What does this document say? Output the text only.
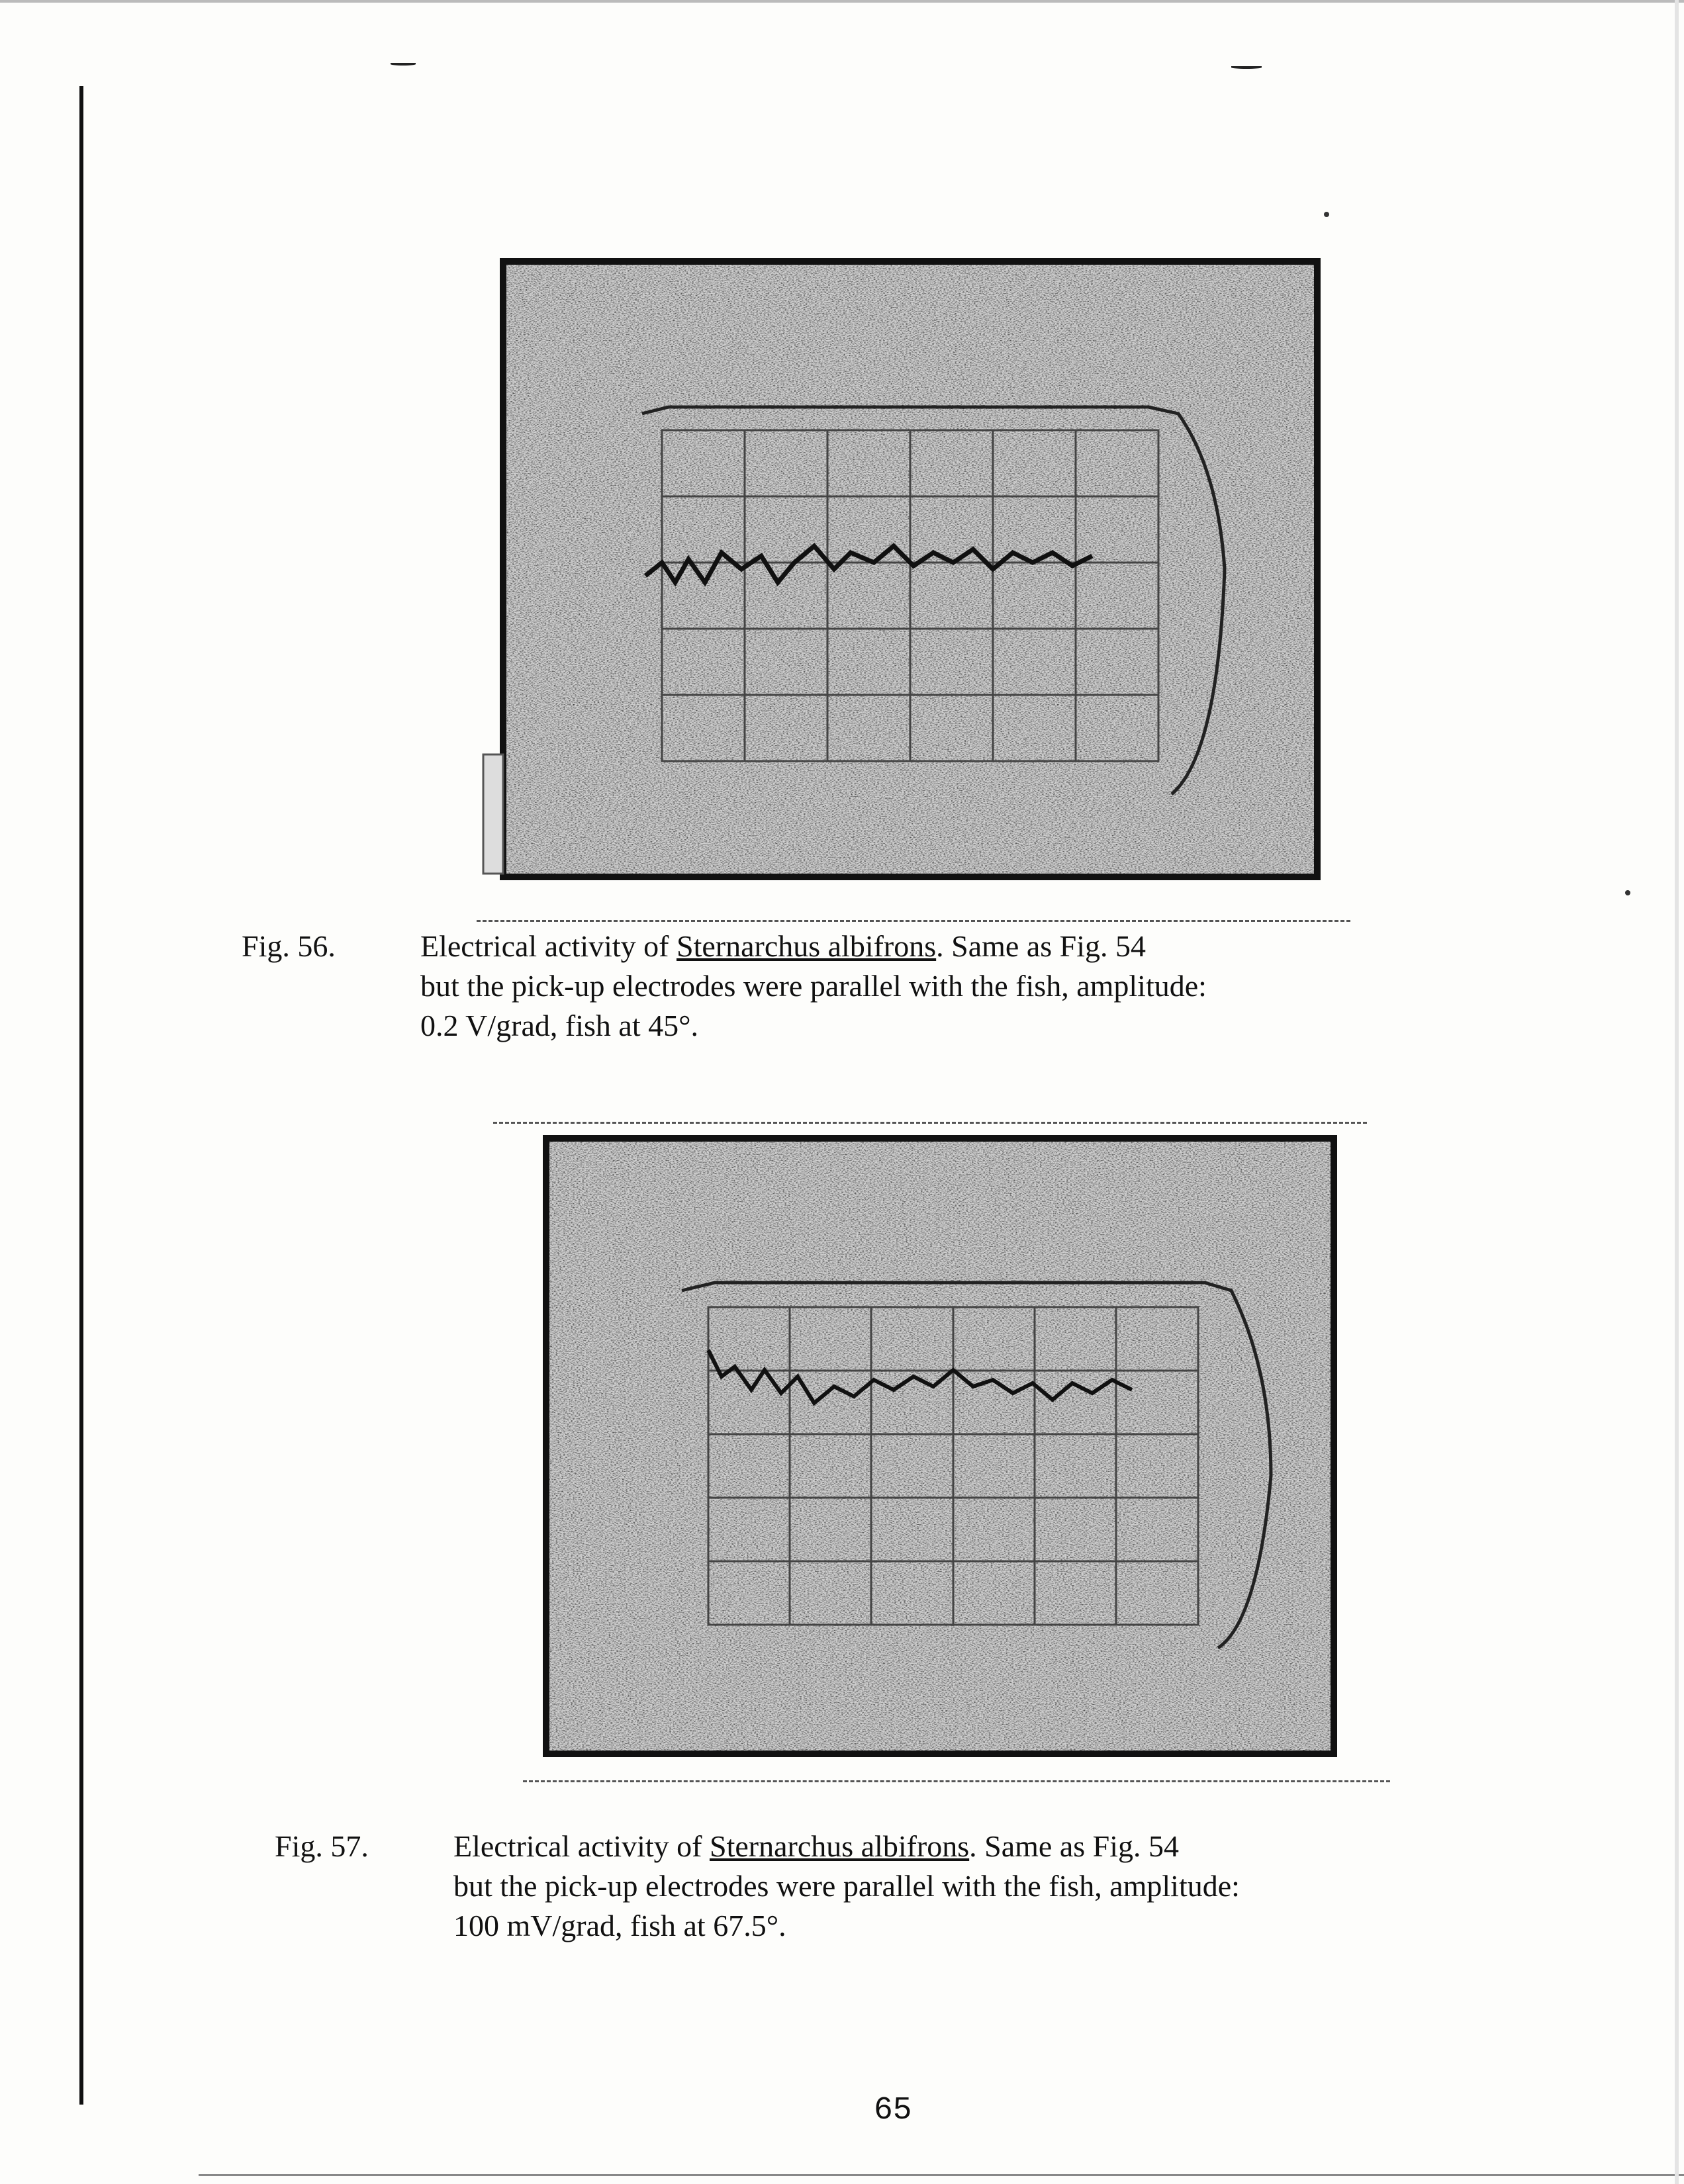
Fig. 56.	Electrical activity of Sternarchus albifrons. Same as Fig. 54
but the pick-up electrodes were parallel with the fish, amplitude:
0.2 V/grad, fish at 45°.
Fig. 57.	Electrical activity of Sternarchus albifrons. Same as Fig. 54
but the pick-up electrodes were parallel with the fish, amplitude:
100 mV/grad, fish at 67.5°.
65
